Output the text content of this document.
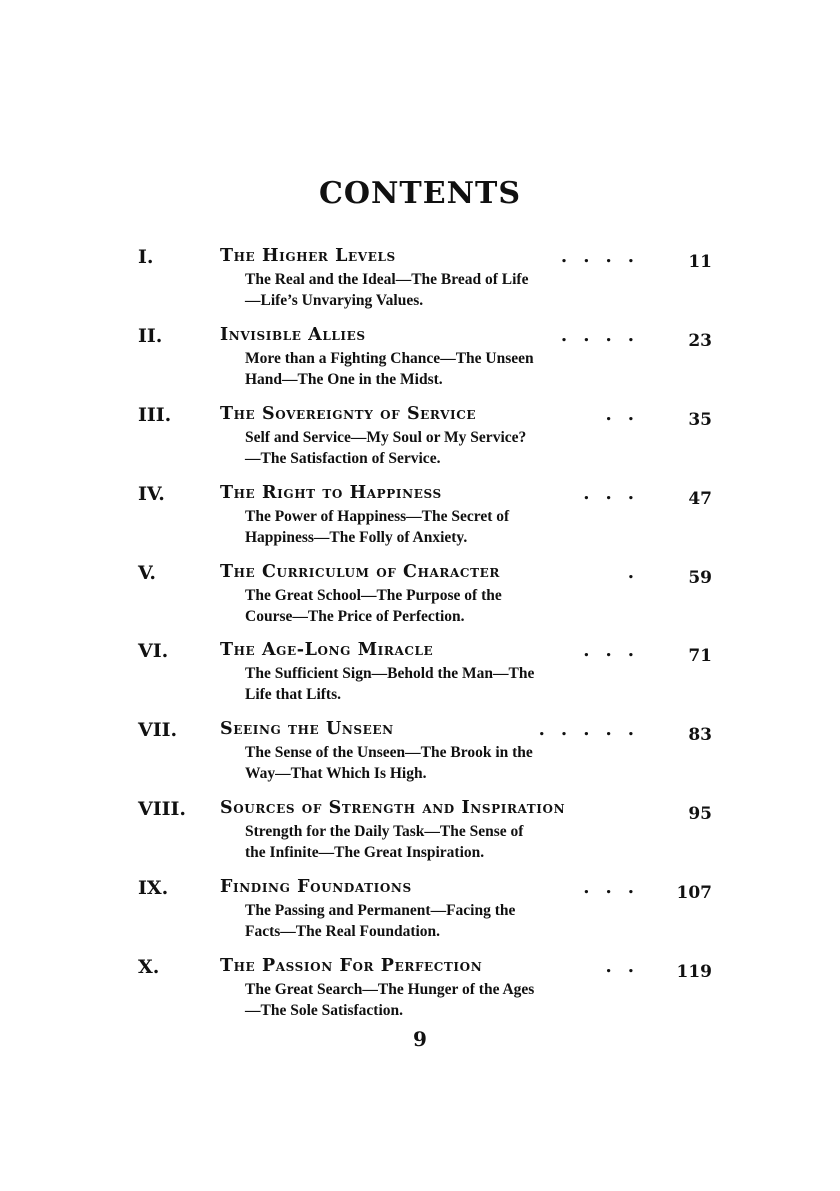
CONTENTS
I.	The Higher Levels	.... 11
The Real and the Ideal—The Bread of Life
—Life’s Unvarying Values.
II.	Invisible Allies	.... 23
More than a Fighting Chance—The Unseen
Hand—The One in the Midst.
III.	The Sovereignty of Service	.. 35
Self and Service—My Soul or My Service?
—The Satisfaction of Service.
IV.	The Right to Happiness	... 47
The Power of Happiness—The Secret of
Happiness—The Folly of Anxiety.
V.	The Curriculum of Character	. 59
The Great School—The Purpose of the
Course—The Price of Perfection.
VI.	The Age-Long Miracle	... 71
The Sufficient Sign—Behold the Man—The
Life that Lifts.
VII. Seeing the Unseen	..... 83
The Sense of the Unseen—The Brook in the
Way—That Which Is High.
VIII. Sources of Strength and Inspiration	95
Strength for the Daily Task—The Sense of
the Infinite—The Great Inspiration.
IX.	Finding Foundations	... 107
The Passing and Permanent—Facing the
Facts—The Real Foundation.
X.	The Passion For Perfection	.. 119
The Great Search—The Hunger of the Ages
—The Sole Satisfaction.
9
